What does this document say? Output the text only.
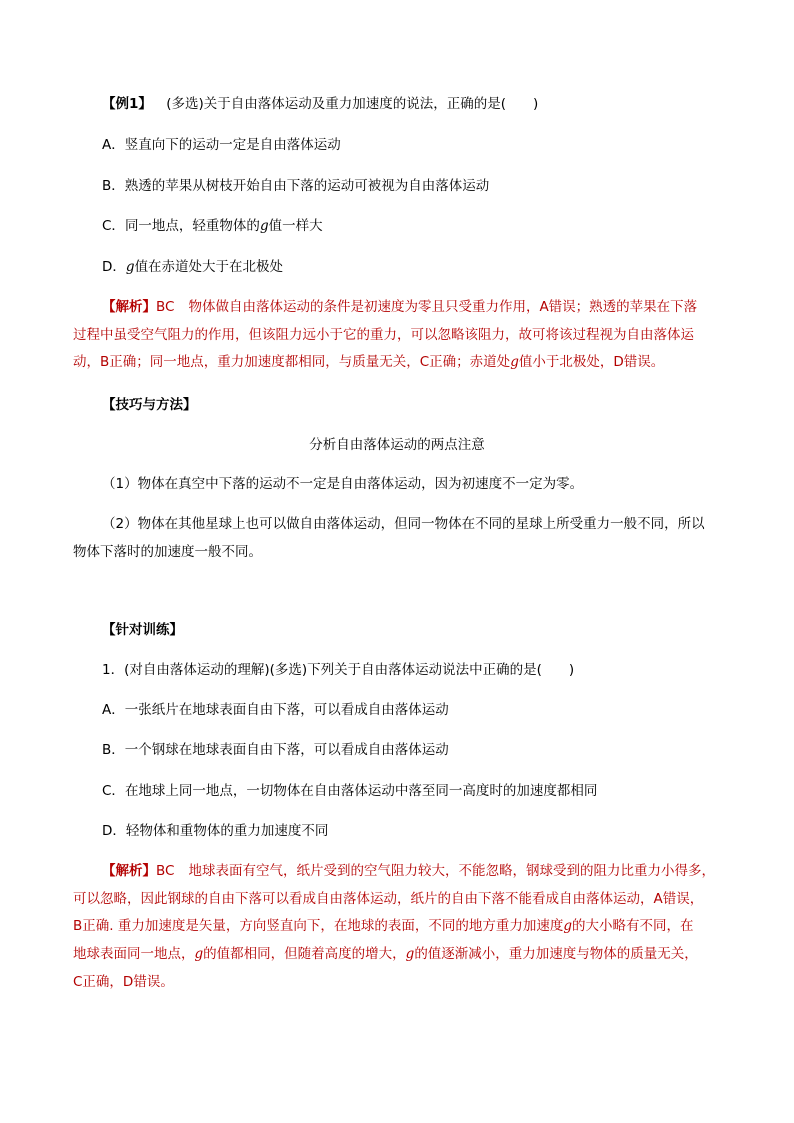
【例1】 (多选)关于自由落体运动及重力加速度的说法，正确的是(　　)
A．竖直向下的运动一定是自由落体运动
B．熟透的苹果从树枝开始自由下落的运动可被视为自由落体运动
C．同一地点，轻重物体的g值一样大
D．g值在赤道处大于在北极处
【解析】BC 物体做自由落体运动的条件是初速度为零且只受重力作用，A错误；熟透的苹果在下落
过程中虽受空气阻力的作用，但该阻力远小于它的重力，可以忽略该阻力，故可将该过程视为自由落体运
动，B正确；同一地点，重力加速度都相同，与质量无关，C正确；赤道处g值小于北极处，D错误。
【技巧与方法】
分析自由落体运动的两点注意
（1）物体在真空中下落的运动不一定是自由落体运动，因为初速度不一定为零。
（2）物体在其他星球上也可以做自由落体运动，但同一物体在不同的星球上所受重力一般不同，所以
物体下落时的加速度一般不同。
【针对训练】
1．(对自由落体运动的理解)(多选)下列关于自由落体运动说法中正确的是(　　)
A．一张纸片在地球表面自由下落，可以看成自由落体运动
B．一个钢球在地球表面自由下落，可以看成自由落体运动
C．在地球上同一地点，一切物体在自由落体运动中落至同一高度时的加速度都相同
D．轻物体和重物体的重力加速度不同
【解析】BC 地球表面有空气，纸片受到的空气阻力较大，不能忽略，钢球受到的阻力比重力小得多，
可以忽略，因此钢球的自由下落可以看成自由落体运动，纸片的自由下落不能看成自由落体运动，A错误，
B正确. 重力加速度是矢量，方向竖直向下，在地球的表面，不同的地方重力加速度g的大小略有不同，在
地球表面同一地点，g的值都相同，但随着高度的增大，g的值逐渐减小，重力加速度与物体的质量无关，
C正确，D错误。
